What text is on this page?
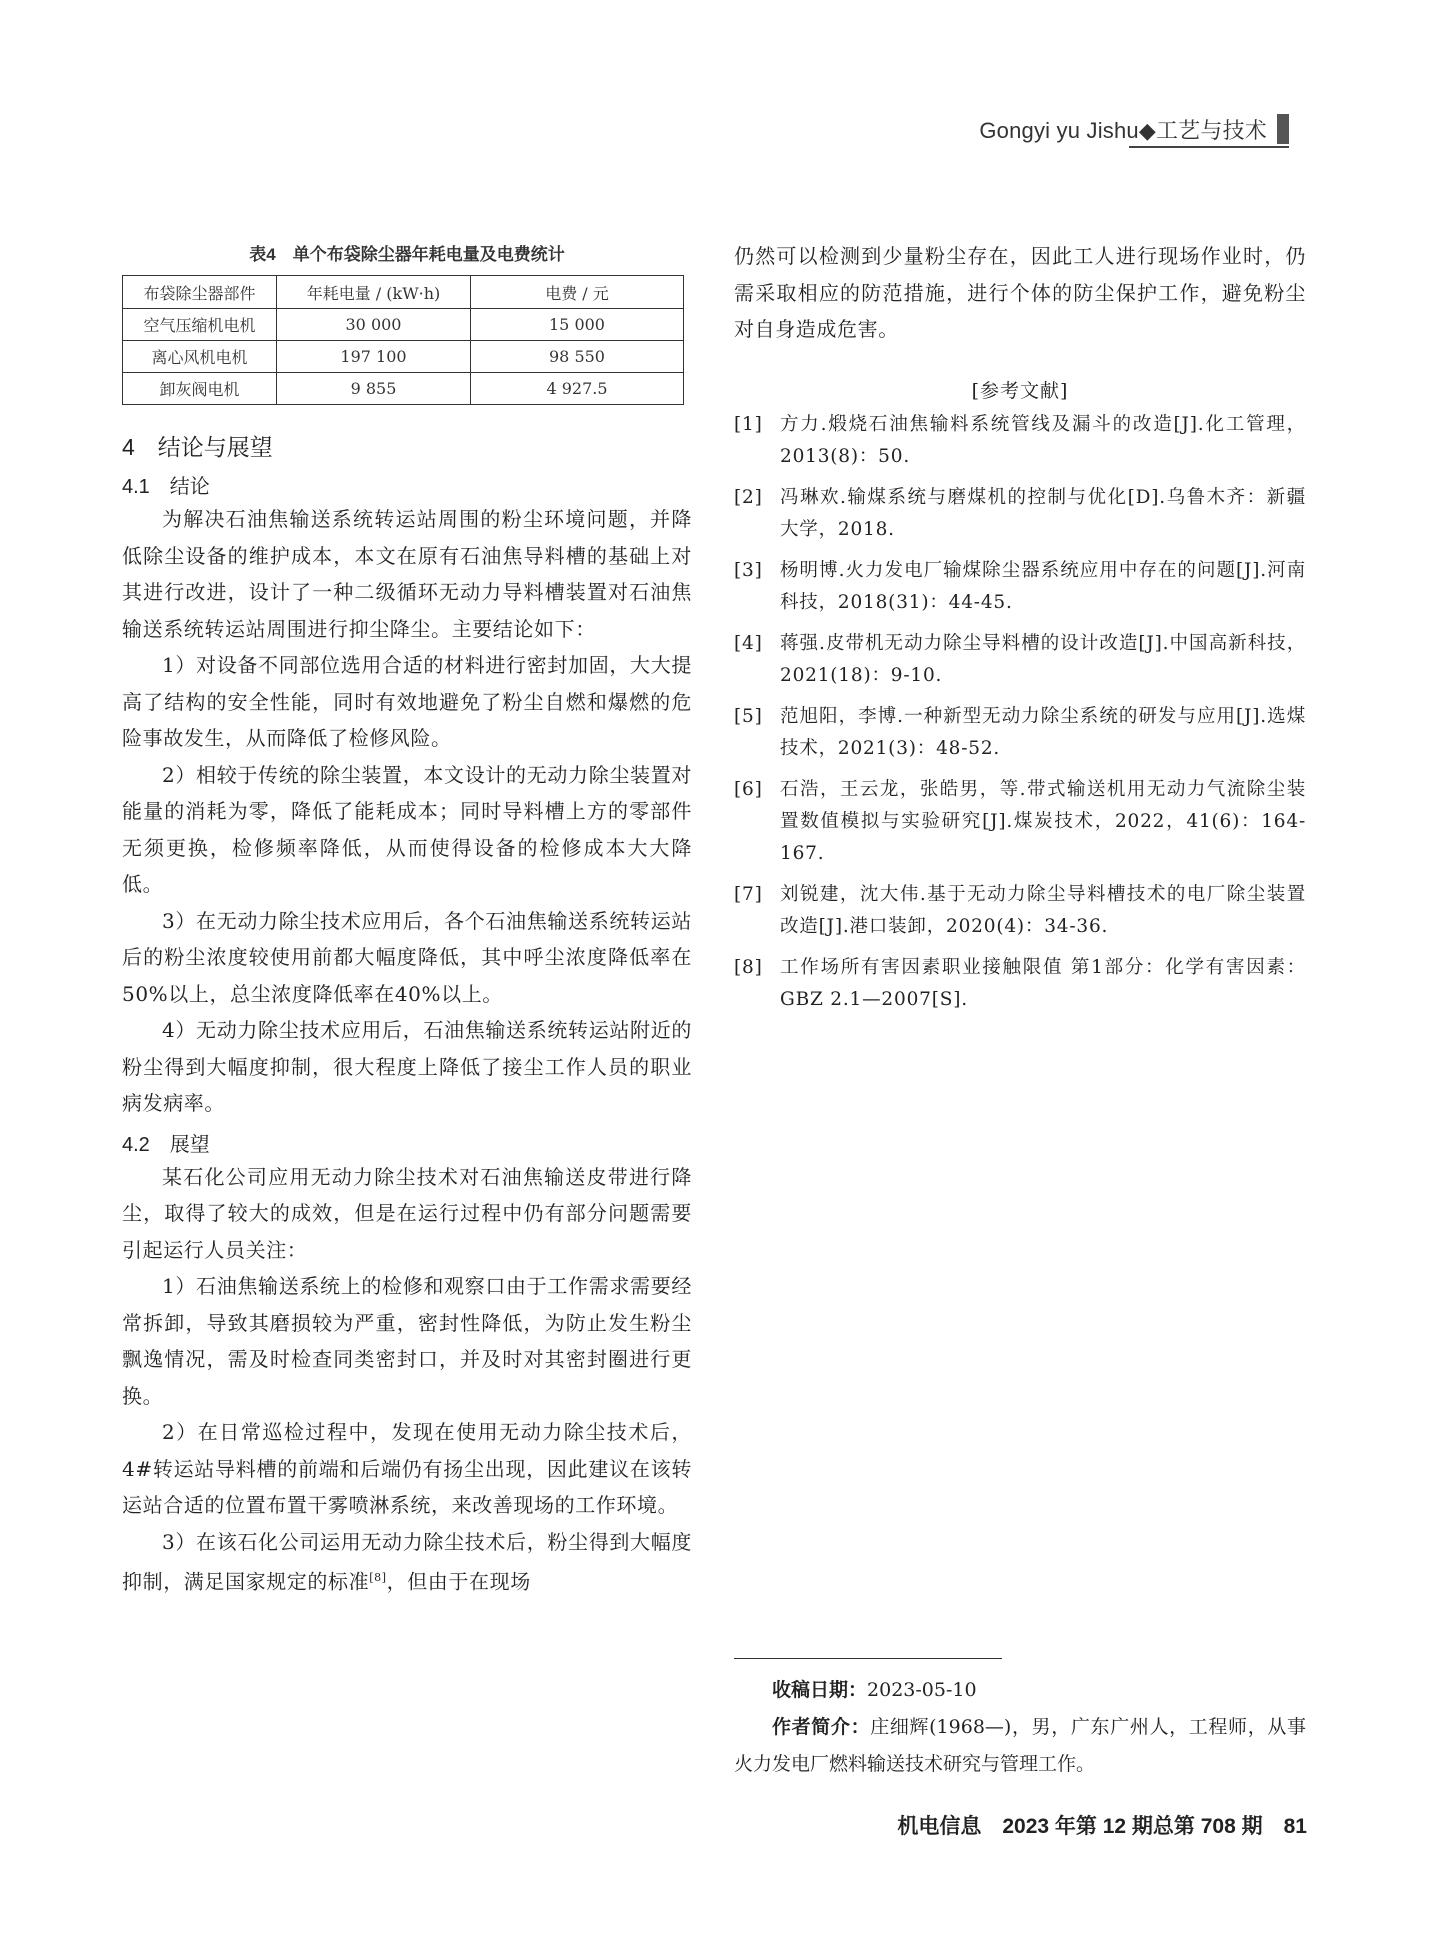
Gongyi yu Jishu◆工艺与技术
表4　单个布袋除尘器年耗电量及电费统计
布袋除尘器部件	年耗电量 / (kW·h)	电费 / 元
空气压缩机电机	30 000	15 000
离心风机电机	197 100	98 550
卸灰阀电机	9 855	4 927.5
4　结论与展望
4.1　结论

为解决石油焦输送系统转运站周围的粉尘环境问题，并降低除尘设备的维护成本，本文在原有石油焦导料槽的基础上对其进行改进，设计了一种二级循环无动力导料槽装置对石油焦输送系统转运站周围进行抑尘降尘。主要结论如下：

1）对设备不同部位选用合适的材料进行密封加固，大大提高了结构的安全性能，同时有效地避免了粉尘自燃和爆燃的危险事故发生，从而降低了检修风险。

2）相较于传统的除尘装置，本文设计的无动力除尘装置对能量的消耗为零，降低了能耗成本；同时导料槽上方的零部件无须更换，检修频率降低，从而使得设备的检修成本大大降低。

3）在无动力除尘技术应用后，各个石油焦输送系统转运站后的粉尘浓度较使用前都大幅度降低，其中呼尘浓度降低率在50%以上，总尘浓度降低率在40%以上。

4）无动力除尘技术应用后，石油焦输送系统转运站附近的粉尘得到大幅度抑制，很大程度上降低了接尘工作人员的职业病发病率。

4.2　展望

某石化公司应用无动力除尘技术对石油焦输送皮带进行降尘，取得了较大的成效，但是在运行过程中仍有部分问题需要引起运行人员关注：

1）石油焦输送系统上的检修和观察口由于工作需求需要经常拆卸，导致其磨损较为严重，密封性降低，为防止发生粉尘飘逸情况，需及时检查同类密封口，并及时对其密封圈进行更换。

2）在日常巡检过程中，发现在使用无动力除尘技术后，4#转运站导料槽的前端和后端仍有扬尘出现，因此建议在该转运站合适的位置布置干雾喷淋系统，来改善现场的工作环境。

3）在该石化公司运用无动力除尘技术后，粉尘得到大幅度抑制，满足国家规定的标准[8]，但由于在现场

仍然可以检测到少量粉尘存在，因此工人进行现场作业时，仍需采取相应的防范措施，进行个体的防尘保护工作，避免粉尘对自身造成危害。

[参考文献]
[1] 方力.煅烧石油焦输料系统管线及漏斗的改造[J].化工管理，2013(8)：50.
[2] 冯琳欢.输煤系统与磨煤机的控制与优化[D].乌鲁木齐：新疆大学，2018.
[3] 杨明博.火力发电厂输煤除尘器系统应用中存在的问题[J].河南科技，2018(31)：44-45.
[4] 蒋强.皮带机无动力除尘导料槽的设计改造[J].中国高新科技，2021(18)：9-10.
[5] 范旭阳，李博.一种新型无动力除尘系统的研发与应用[J].选煤技术，2021(3)：48-52.
[6] 石浩，王云龙，张皓男，等.带式输送机用无动力气流除尘装置数值模拟与实验研究[J].煤炭技术，2022，41(6)：164-167.
[7] 刘锐建，沈大伟.基于无动力除尘导料槽技术的电厂除尘装置改造[J].港口装卸，2020(4)：34-36.
[8] 工作场所有害因素职业接触限值 第1部分：化学有害因素：GBZ 2.1—2007[S].
收稿日期：2023-05-10
作者简介：庄细辉(1968—)，男，广东广州人，工程师，从事火力发电厂燃料输送技术研究与管理工作。
机电信息　2023 年第 12 期总第 708 期　81
